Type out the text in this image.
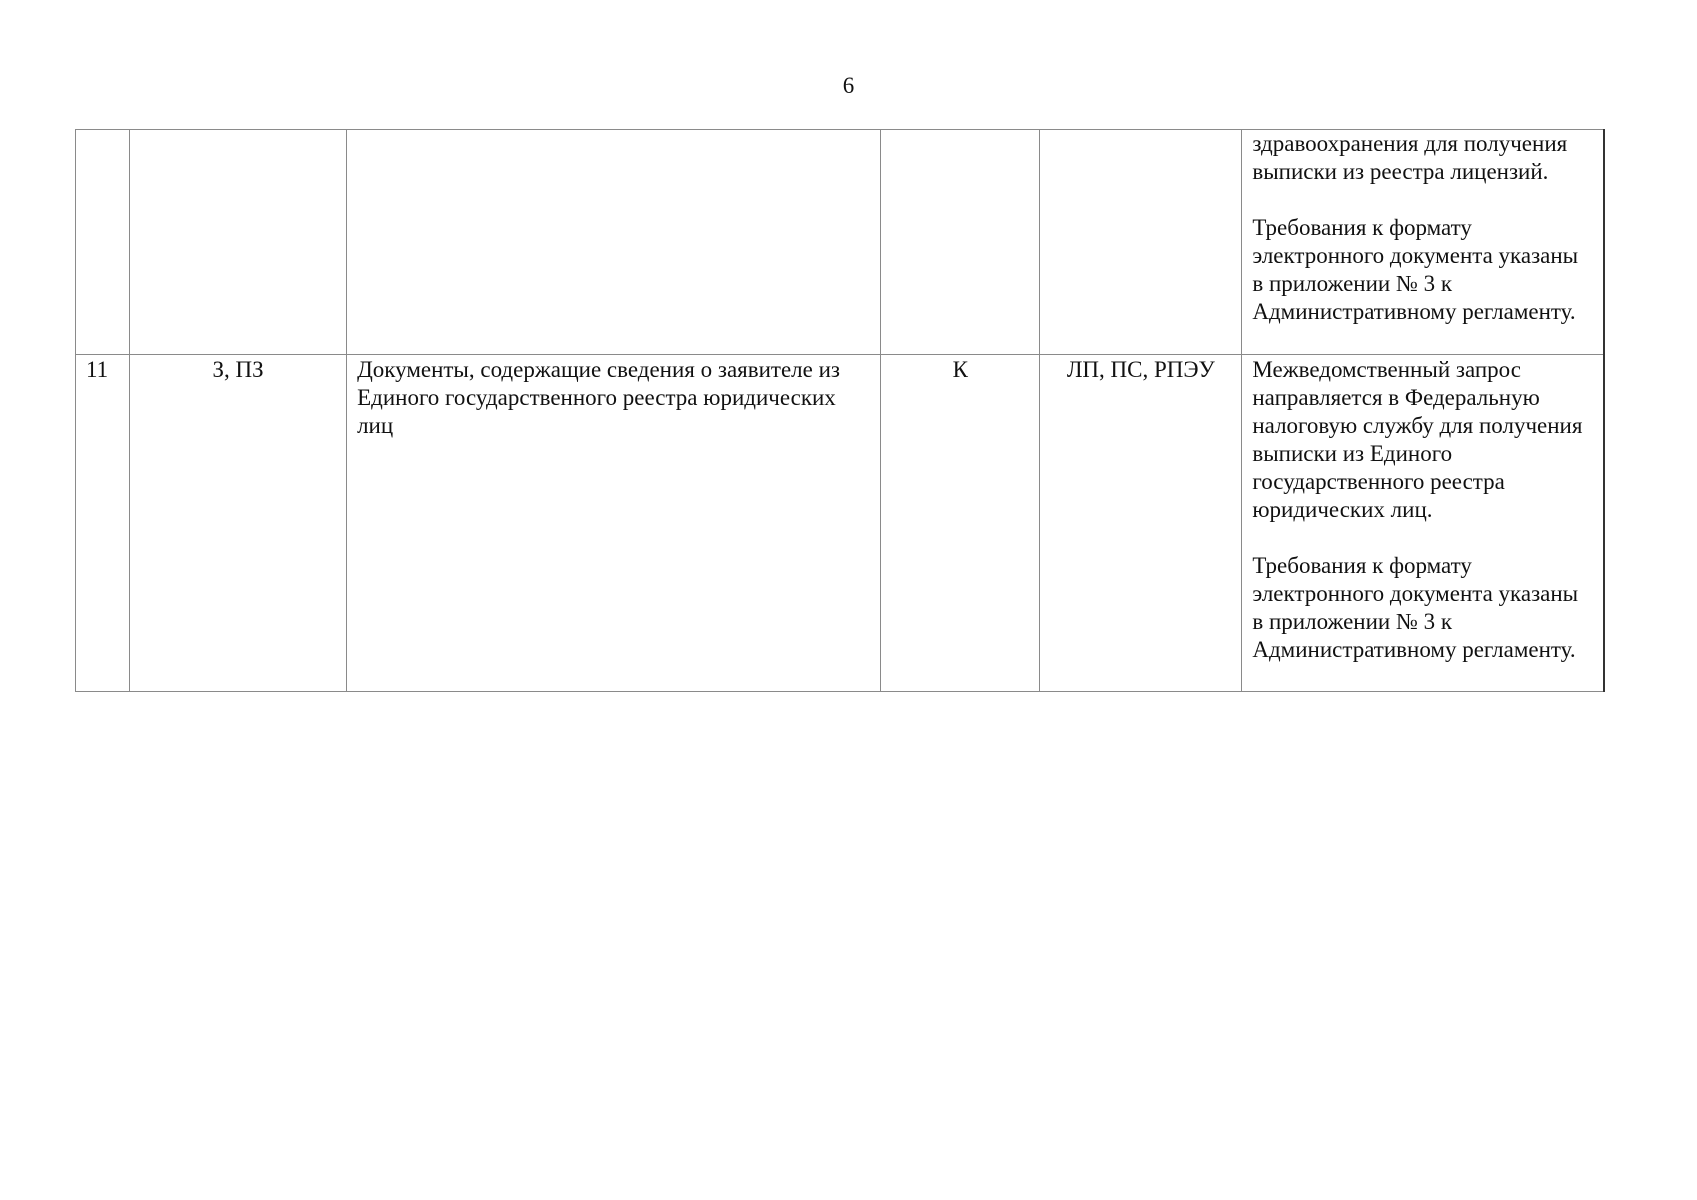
6

					здравоохранения для получения выписки из реестра лицензий.
Требования к формату электронного документа указаны в приложении № 3 к Административному регламенту.

11	З, ПЗ	Документы, содержащие сведения о заявителе из Единого государственного реестра юридических лиц	К	ЛП, ПС, РПЭУ	Межведомственный запрос направляется в Федеральную налоговую службу для получения выписки из Единого государственного реестра юридических лиц.
Требования к формату электронного документа указаны в приложении № 3 к Административному регламенту.
